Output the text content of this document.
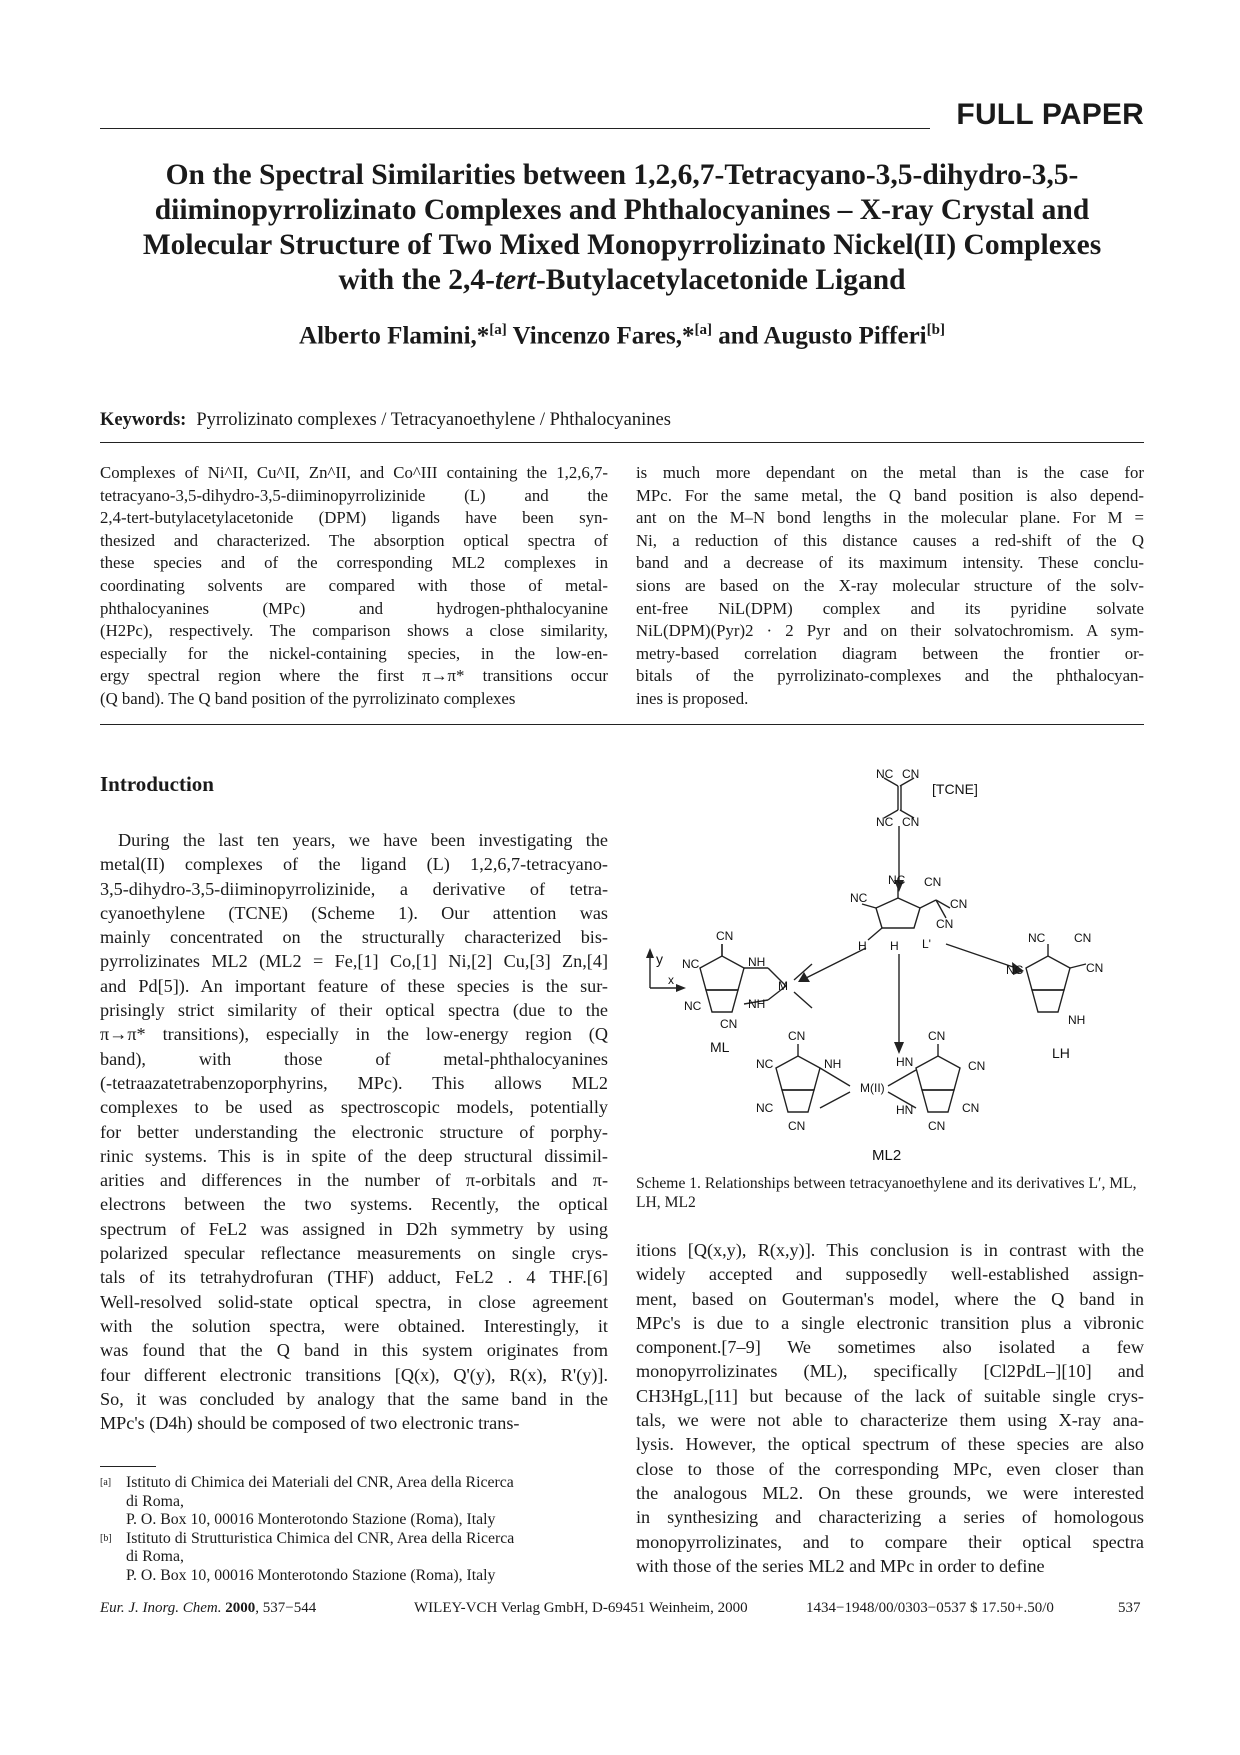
FULL PAPER
On the Spectral Similarities between 1,2,6,7-Tetracyano-3,5-dihydro-3,5-
diiminopyrrolizinato Complexes and Phthalocyanines – X-ray Crystal and
Molecular Structure of Two Mixed Monopyrrolizinato Nickel(II) Complexes
with the 2,4-tert-Butylacetylacetonide Ligand
Alberto Flamini,*[a] Vincenzo Fares,*[a] and Augusto Pifferi[b]
Keywords: Pyrrolizinato complexes / Tetracyanoethylene / Phthalocyanines
Complexes of Ni^II, Cu^II, Zn^II, and Co^III containing the 1,2,6,7-
tetracyano-3,5-dihydro-3,5-diiminopyrrolizinide (L) and the
2,4-tert-butylacetylacetonide (DPM) ligands have been syn-
thesized and characterized. The absorption optical spectra of
these species and of the corresponding ML2 complexes in
coordinating solvents are compared with those of metal-
phthalocyanines (MPc) and hydrogen-phthalocyanine
(H2Pc), respectively. The comparison shows a close similarity,
especially for the nickel-containing species, in the low-en-
ergy spectral region where the first π→π* transitions occur
(Q band). The Q band position of the pyrrolizinato complexes
is much more dependant on the metal than is the case for
MPc. For the same metal, the Q band position is also depend-
ant on the M–N bond lengths in the molecular plane. For M =
Ni, a reduction of this distance causes a red-shift of the Q
band and a decrease of its maximum intensity. These conclu-
sions are based on the X-ray molecular structure of the solv-
ent-free NiL(DPM) complex and its pyridine solvate
NiL(DPM)(Pyr)2 · 2 Pyr and on their solvatochromism. A sym-
metry-based correlation diagram between the frontier or-
bitals of the pyrrolizinato-complexes and the phthalocyan-
ines is proposed.
Introduction
During the last ten years, we have been investigating the
metal(II) complexes of the ligand (L) 1,2,6,7-tetracyano-
3,5-dihydro-3,5-diiminopyrrolizinide, a derivative of tetra-
cyanoethylene (TCNE) (Scheme 1). Our attention was
mainly concentrated on the structurally characterized bis-
pyrrolizinates ML2 (ML2 = Fe,[1] Co,[1] Ni,[2] Cu,[3] Zn,[4]
and Pd[5]). An important feature of these species is the sur-
prisingly strict similarity of their optical spectra (due to the
π→π* transitions), especially in the low-energy region (Q
band), with those of metal-phthalocyanines
(-tetraazatetrabenzoporphyrins, MPc). This allows ML2
complexes to be used as spectroscopic models, potentially
for better understanding the electronic structure of porphy-
rinic systems. This is in spite of the deep structural dissimil-
arities and differences in the number of π-orbitals and π-
electrons between the two systems. Recently, the optical
spectrum of FeL2 was assigned in D2h symmetry by using
polarized specular reflectance measurements on single crys-
tals of its tetrahydrofuran (THF) adduct, FeL2 . 4 THF.[6]
Well-resolved solid-state optical spectra, in close agreement
with the solution spectra, were obtained. Interestingly, it
was found that the Q band in this system originates from
four different electronic transitions [Q(x), Q'(y), R(x), R'(y)].
So, it was concluded by analogy that the same band in the
MPc's (D4h) should be composed of two electronic trans-
itions [Q(x,y), R(x,y)]. This conclusion is in contrast with the
widely accepted and supposedly well-established assign-
ment, based on Gouterman's model, where the Q band in
MPc's is due to a single electronic transition plus a vibronic
component.[7–9] We sometimes also isolated a few
monopyrrolizinates (ML), specifically [Cl2PdL–][10] and
CH3HgL,[11] but because of the lack of suitable single crys-
tals, we were not able to characterize them using X-ray ana-
lysis. However, the optical spectrum of these species are also
close to those of the corresponding MPc, even closer than
the analogous ML2. On these grounds, we were interested
in synthesizing and characterizing a series of homologous
monopyrrolizinates, and to compare their optical spectra
with those of the series ML2 and MPc in order to define
NC CN
NC CN
[TCNE]
NC CN
NC	CN
CN
H H L'
CN
NC	NH
M
NC	NH
CN
ML
y
x
NC CN
NC	CN
NH
LH
CN
NC	NH
M(II)
NC
CN
CN
HN	CN
HN	CN
CN
ML2
Scheme 1. Relationships between tetracyanoethylene and its derivatives L′, ML, LH, ML2
[a] Istituto di Chimica dei Materiali del CNR, Area della Ricerca
di Roma,
P. O. Box 10, 00016 Monterotondo Stazione (Roma), Italy
[b] Istituto di Strutturistica Chimica del CNR, Area della Ricerca
di Roma,
P. O. Box 10, 00016 Monterotondo Stazione (Roma), Italy
Eur. J. Inorg. Chem. 2000, 537−544	WILEY-VCH Verlag GmbH, D-69451 Weinheim, 2000	1434−1948/00/0303−0537 $ 17.50+.50/0	537
